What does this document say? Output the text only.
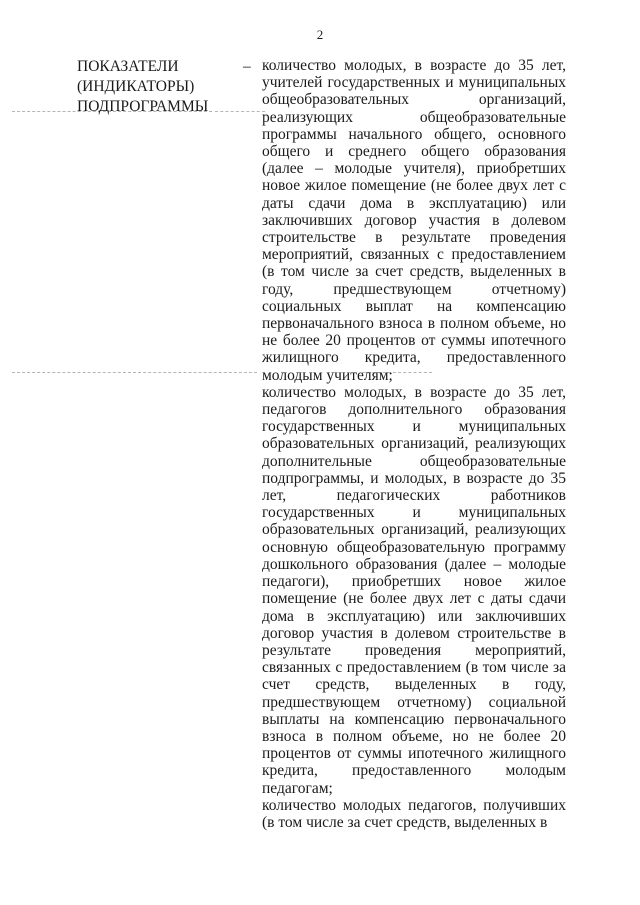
2
ПОКАЗАТЕЛИ (ИНДИКАТОРЫ) ПОДПРОГРАММЫ
– количество молодых, в возрасте до 35 лет, учителей государственных и муниципальных общеобразовательных организаций, реализующих общеобразовательные программы начального общего, основного общего и среднего общего образования (далее – молодые учителя), приобретших новое жилое помещение (не более двух лет с даты сдачи дома в эксплуатацию) или заключивших договор участия в долевом строительстве в результате проведения мероприятий, связанных с предоставлением (в том числе за счет средств, выделенных в году, предшествующем отчетному) социальных выплат на компенсацию первоначального взноса в полном объеме, но не более 20 процентов от суммы ипотечного жилищного кредита, предоставленного молодым учителям;

количество молодых, в возрасте до 35 лет, педагогов дополнительного образования государственных и муниципальных образовательных организаций, реализующих дополнительные общеобразовательные подпрограммы, и молодых, в возрасте до 35 лет, педагогических работников государственных и муниципальных образовательных организаций, реализующих основную общеобразовательную программу дошкольного образования (далее – молодые педагоги), приобретших новое жилое помещение (не более двух лет с даты сдачи дома в эксплуатацию) или заключивших договор участия в долевом строительстве в результате проведения мероприятий, связанных с предоставлением (в том числе за счет средств, выделенных в году, предшествующем отчетному) социальной выплаты на компенсацию первоначального взноса в полном объеме, но не более 20 процентов от суммы ипотечного жилищного кредита, предоставленного молодым педагогам;

количество молодых педагогов, получивших (в том числе за счет средств, выделенных в
